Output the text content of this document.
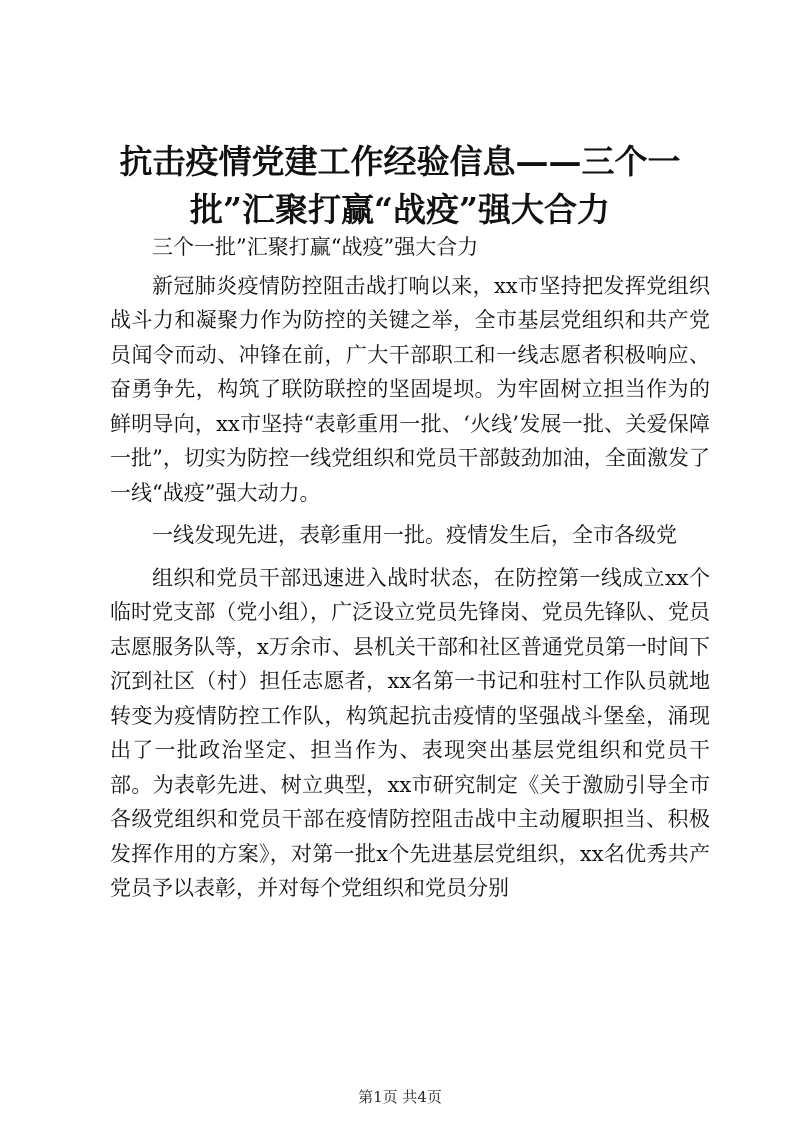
抗击疫情党建工作经验信息——三个一批”汇聚打赢“战疫”强大合力

三个一批”汇聚打赢“战疫”强大合力

新冠肺炎疫情防控阻击战打响以来，xx市坚持把发挥党组织战斗力和凝聚力作为防控的关键之举，全市基层党组织和共产党员闻令而动、冲锋在前，广大干部职工和一线志愿者积极响应、奋勇争先，构筑了联防联控的坚固堤坝。为牢固树立担当作为的鲜明导向，xx市坚持“表彰重用一批、‘火线’发展一批、关爱保障一批”，切实为防控一线党组织和党员干部鼓劲加油，全面激发了一线“战疫”强大动力。

一线发现先进，表彰重用一批。疫情发生后，全市各级党

组织和党员干部迅速进入战时状态，在防控第一线成立xx个临时党支部（党小组），广泛设立党员先锋岗、党员先锋队、党员志愿服务队等，x万余市、县机关干部和社区普通党员第一时间下沉到社区（村）担任志愿者，xx名第一书记和驻村工作队员就地转变为疫情防控工作队，构筑起抗击疫情的坚强战斗堡垒，涌现出了一批政治坚定、担当作为、表现突出基层党组织和党员干部。为表彰先进、树立典型，xx市研究制定《关于激励引导全市各级党组织和党员干部在疫情防控阻击战中主动履职担当、积极发挥作用的方案》，对第一批x个先进基层党组织，xx名优秀共产党员予以表彰，并对每个党组织和党员分别

第1页 共4页
